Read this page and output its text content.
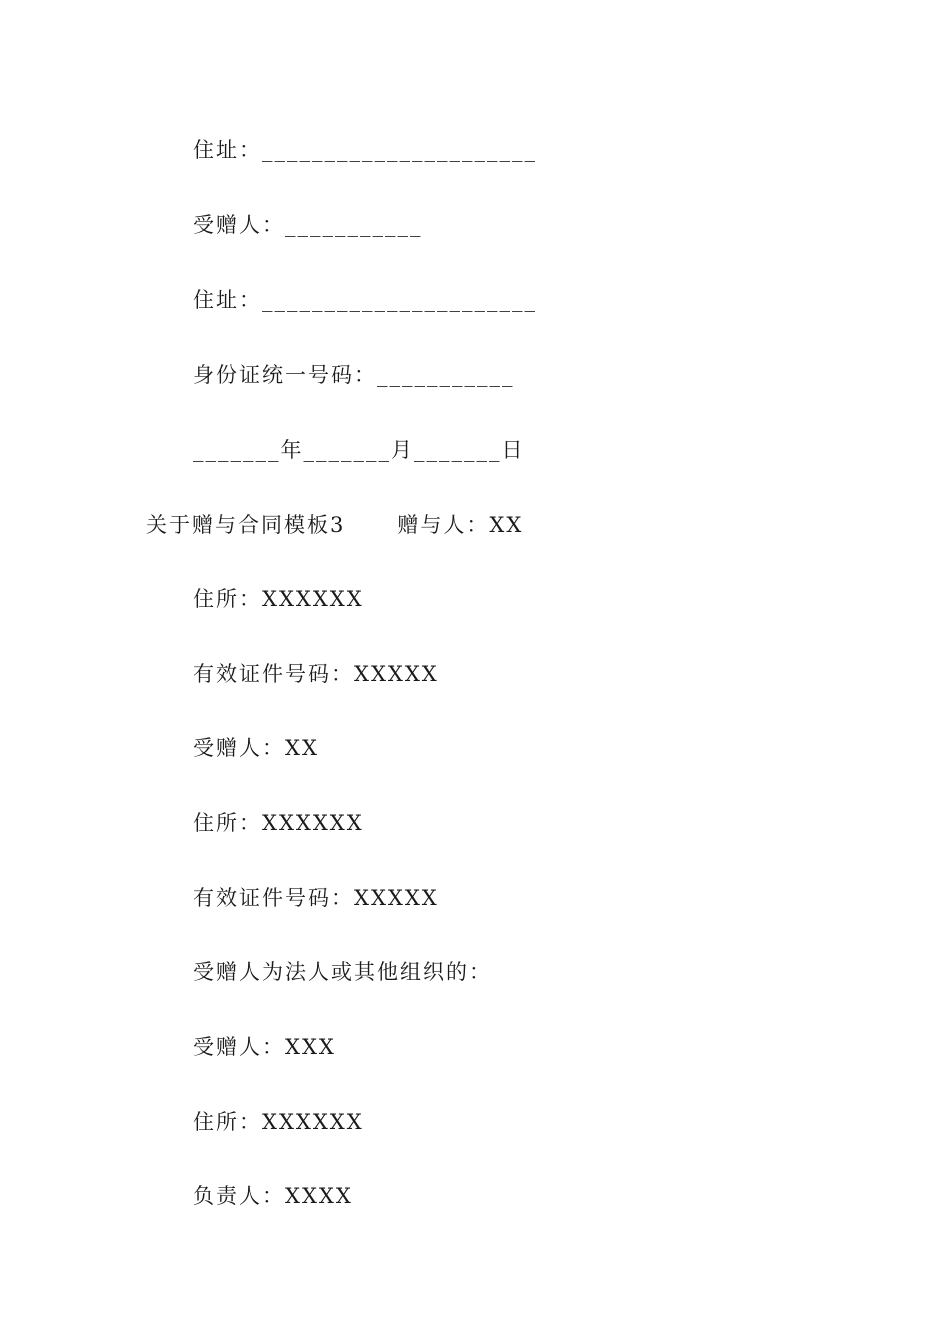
住址：______________________
受赠人：___________
住址：______________________
身份证统一号码：___________
_______年_______月_______日
关于赠与合同模板3      赠与人：XX
住所：XXXXXX
有效证件号码：XXXXX
受赠人：XX
住所：XXXXXX
有效证件号码：XXXXX
受赠人为法人或其他组织的：
受赠人：XXX
住所：XXXXXX
负责人：XXXX
